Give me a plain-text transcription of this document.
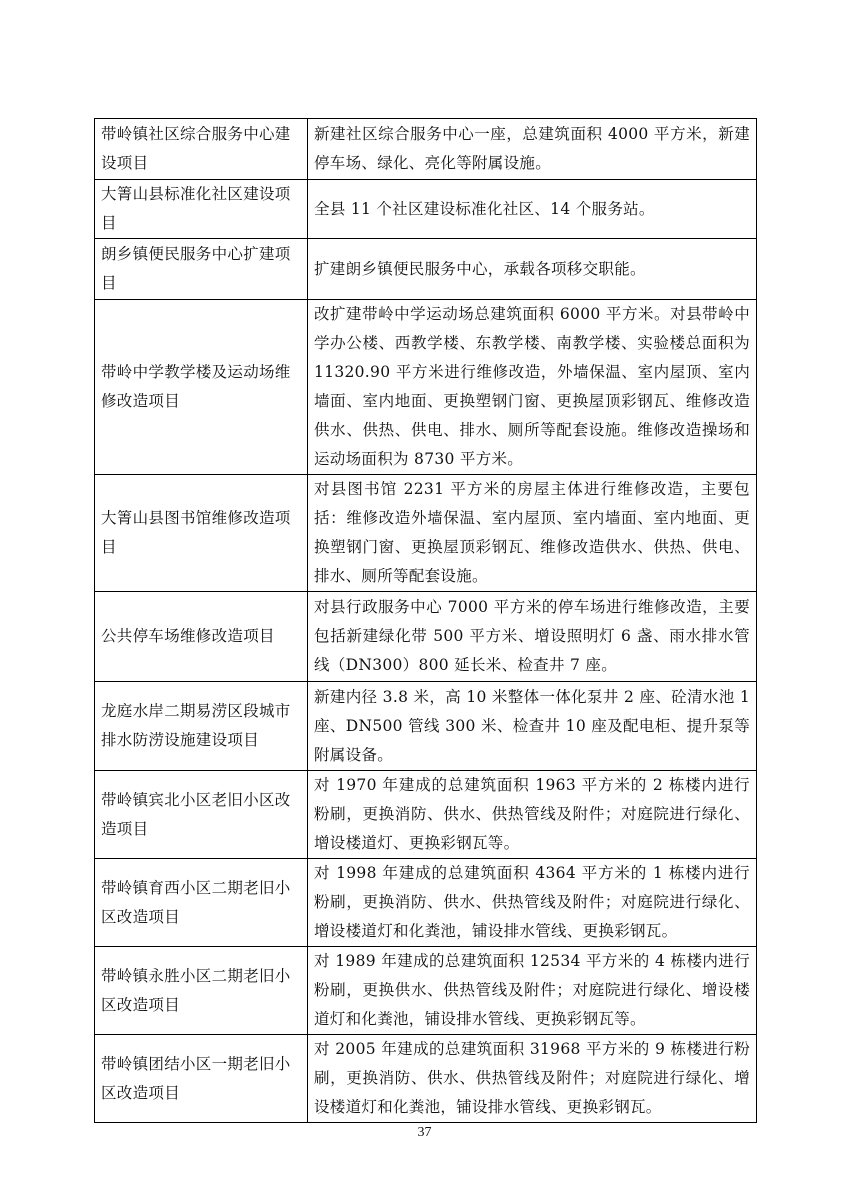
带岭镇社区综合服务中心建设项目	新建社区综合服务中心一座，总建筑面积 4000 平方米，新建停车场、绿化、亮化等附属设施。
大箐山县标准化社区建设项目	全县 11 个社区建设标准化社区、14 个服务站。
朗乡镇便民服务中心扩建项目	扩建朗乡镇便民服务中心，承载各项移交职能。
带岭中学教学楼及运动场维修改造项目	改扩建带岭中学运动场总建筑面积 6000 平方米。对县带岭中学办公楼、西教学楼、东教学楼、南教学楼、实验楼总面积为 11320.90 平方米进行维修改造，外墙保温、室内屋顶、室内墙面、室内地面、更换塑钢门窗、更换屋顶彩钢瓦、维修改造供水、供热、供电、排水、厕所等配套设施。维修改造操场和运动场面积为 8730 平方米。
大箐山县图书馆维修改造项目	对县图书馆 2231 平方米的房屋主体进行维修改造，主要包括：维修改造外墙保温、室内屋顶、室内墙面、室内地面、更换塑钢门窗、更换屋顶彩钢瓦、维修改造供水、供热、供电、排水、厕所等配套设施。
公共停车场维修改造项目	对县行政服务中心 7000 平方米的停车场进行维修改造，主要包括新建绿化带 500 平方米、增设照明灯 6 盏、雨水排水管线（DN300）800 延长米、检查井 7 座。
龙庭水岸二期易涝区段城市排水防涝设施建设项目	新建内径 3.8 米，高 10 米整体一体化泵井 2 座、砼清水池 1 座、DN500 管线 300 米、检查井 10 座及配电柜、提升泵等附属设备。
带岭镇宾北小区老旧小区改造项目	对 1970 年建成的总建筑面积 1963 平方米的 2 栋楼内进行粉刷，更换消防、供水、供热管线及附件；对庭院进行绿化、增设楼道灯、更换彩钢瓦等。
带岭镇育西小区二期老旧小区改造项目	对 1998 年建成的总建筑面积 4364 平方米的 1 栋楼内进行粉刷，更换消防、供水、供热管线及附件；对庭院进行绿化、增设楼道灯和化粪池，铺设排水管线、更换彩钢瓦。
带岭镇永胜小区二期老旧小区改造项目	对 1989 年建成的总建筑面积 12534 平方米的 4 栋楼内进行粉刷，更换供水、供热管线及附件；对庭院进行绿化、增设楼道灯和化粪池，铺设排水管线、更换彩钢瓦等。
带岭镇团结小区一期老旧小区改造项目	对 2005 年建成的总建筑面积 31968 平方米的 9 栋楼进行粉刷，更换消防、供水、供热管线及附件；对庭院进行绿化、增设楼道灯和化粪池，铺设排水管线、更换彩钢瓦。
37
